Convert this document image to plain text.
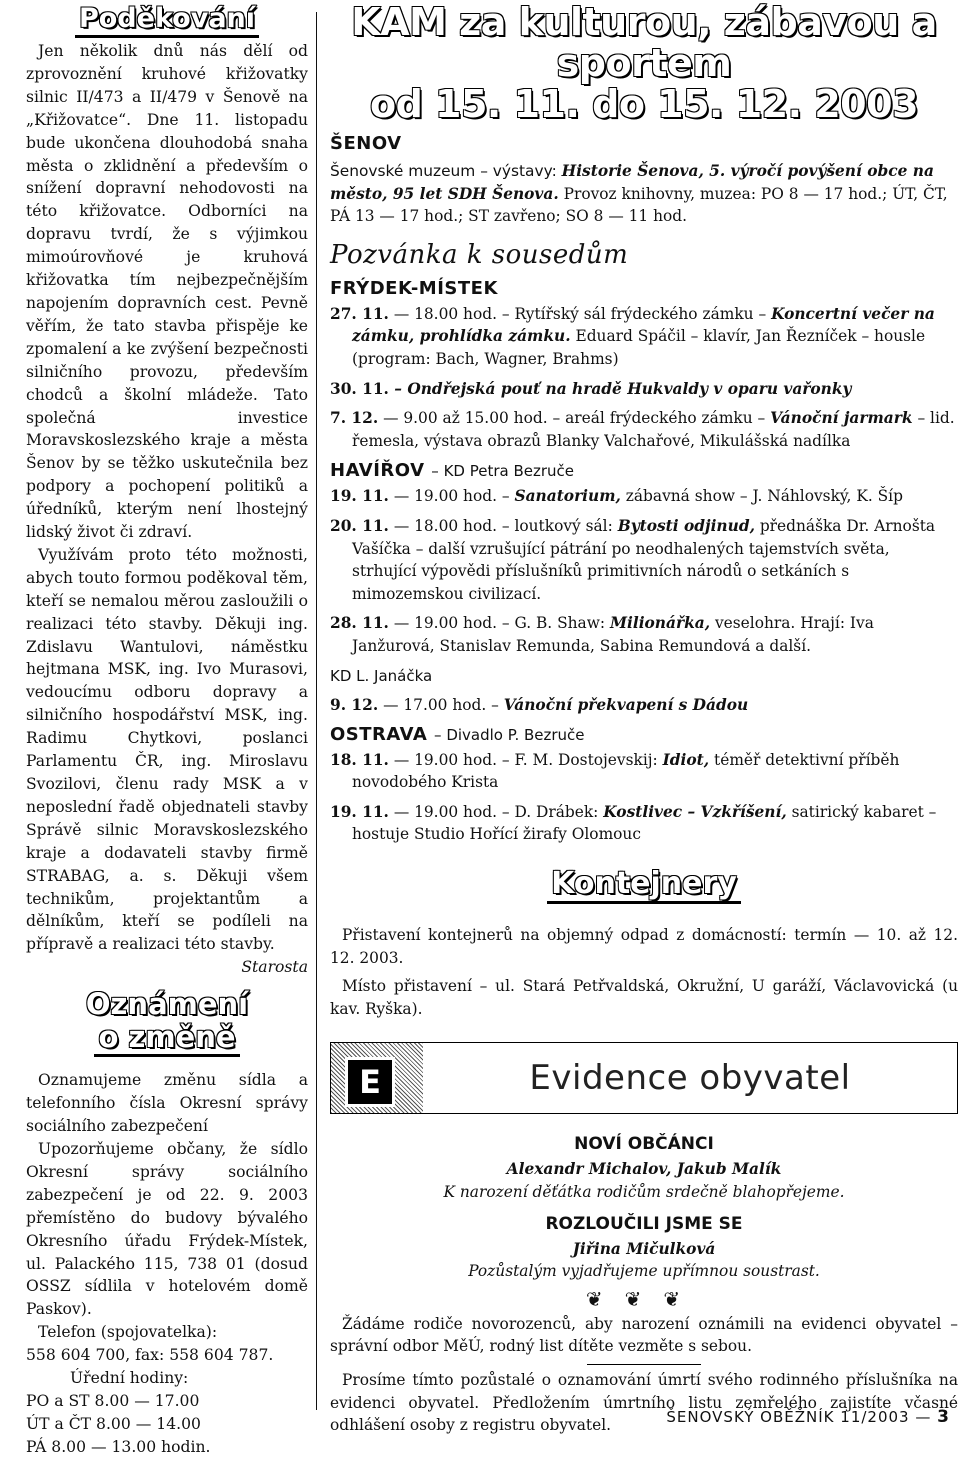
Poděkování

Jen několik dnů nás dělí od zprovoznění kruhové křižovatky silnic II/473 a II/479 v Šenově na „Křižovatce“. Dne 11. listopadu bude ukončena dlouhodobá snaha města o zklidnění a především o snížení dopravní nehodovosti na této křižovatce. Odborníci na dopravu tvrdí, že s výjimkou mimoúrovňové je kruhová křižovatka tím nejbezpečnějším napojením dopravních cest. Pevně věřím, že tato stavba přispěje ke zpomalení a ke zvýšení bezpečnosti silničního provozu, především chodců a školní mládeže. Tato společná investice Moravskoslezského kraje a města Šenov by se těžko uskutečnila bez podpory a pochopení politiků a úředníků, kterým není lhostejný lidský život či zdraví.

Využívám proto této možnosti, abych touto formou poděkoval těm, kteří se nemalou měrou zasloužili o realizaci této stavby. Děkuji ing. Zdislavu Wantulovi, náměstku hejtmana MSK, ing. Ivo Murasovi, vedoucímu odboru dopravy a silničního hospodářství MSK, ing. Radimu Chytkovi, poslanci Parlamentu ČR, ing. Miroslavu Svozilovi, členu rady MSK a v neposlední řadě objednateli stavby Správě silnic Moravskoslezského kraje a dodavateli stavby firmě STRABAG, a. s. Děkuji všem technikům, projektantům a dělníkům, kteří se podíleli na přípravě a realizaci této stavby.
Starosta

Oznámení
o změně

Oznamujeme změnu sídla a telefonního čísla Okresní správy sociálního zabezpečení

Upozorňujeme občany, že sídlo Okresní správy sociálního zabezpečení je od 22. 9. 2003 přemístěno do budovy bývalého Okresního úřadu Frýdek-Místek, ul. Palackého 115, 738 01 (dosud OSSZ sídlila v hotelovém domě Paskov).

Telefon (spojovatelka):

558 604 700, fax: 558 604 787.

Úřední hodiny:

PO a ST 8.00 — 17.00

ÚT a ČT 8.00 — 14.00

PÁ 8.00 — 13.00 hodin.

KAM za kulturou, zábavou a sportem
od 15. 11. do 15. 12. 2003
ŠENOV

Šenovské muzeum – výstavy: Historie Šenova, 5. výročí povýšení obce na město, 95 let SDH Šenova. Provoz knihovny, muzea: PO 8 — 17 hod.; ÚT, ČT, PÁ 13 — 17 hod.; ST zavřeno; SO 8 — 11 hod.

Pozvánka k sousedům
FRÝDEK-MÍSTEK

27. 11. — 18.00 hod. – Rytířský sál frýdeckého zámku – Koncertní večer na zámku, prohlídka zámku. Eduard Spáčil – klavír, Jan Řezníček – housle (program: Bach, Wagner, Brahms)

30. 11. – Ondřejská pouť na hradě Hukvaldy v oparu vařonky

7. 12. — 9.00 až 15.00 hod. – areál frýdeckého zámku – Vánoční jarmark – lid. řemesla, výstava obrazů Blanky Valchařové, Mikulášská nadílka

HAVÍŘOV – KD Petra Bezruče

19. 11. — 19.00 hod. – Sanatorium, zábavná show – J. Náhlovský, K. Šíp

20. 11. — 18.00 hod. – loutkový sál: Bytosti odjinud, přednáška Dr. Arnošta Vašíčka – další vzrušující pátrání po neodhalených tajemstvích světa, strhující výpovědi příslušníků primitivních národů o setkáních s mimozemskou civilizací.

28. 11. — 19.00 hod. – G. B. Shaw: Milionářka, veselohra. Hrají: Iva Janžurová, Stanislav Remunda, Sabina Remundová a další.

KD L. Janáčka

9. 12. — 17.00 hod. – Vánoční překvapení s Dádou

OSTRAVA – Divadlo P. Bezruče

18. 11. — 19.00 hod. – F. M. Dostojevskij: Idiot, téměř detektivní příběh novodobého Krista

19. 11. — 19.00 hod. – D. Drábek: Kostlivec – Vzkříšení, satirický kabaret – hostuje Studio Hořící žirafy Olomouc

Kontejnery

Přistavení kontejnerů na objemný odpad z domácností: termín — 10. až 12. 12. 2003.

Místo přistavení – ul. Stará Petřvaldská, Okružní, U garáží, Václavovická (u kav. Ryška).

E	Evidence obyvatel
NOVÍ OBČÁNCI

Alexandr Michalov, Jakub Malík

K narození děťátka rodičům srdečně blahopřejeme.

ROZLOUČILI JSME SE

Jiřina Mičulková

Pozůstalým vyjadřujeme upřímnou soustrast.

❦❦❦

Žádáme rodiče novorozenců, aby narození oznámili na evidenci obyvatel – správní odbor MěÚ, rodný list dítěte vezměte s sebou.

Prosíme tímto pozůstalé o oznamování úmrtí svého rodinného příslušníka na evidenci obyvatel. Předložením úmrtního listu zemřelého zajistíte včasné odhlášení osoby z registru obyvatel.	ŠENOVSKÝ OBĚŽNÍK 11/2003 — 3
